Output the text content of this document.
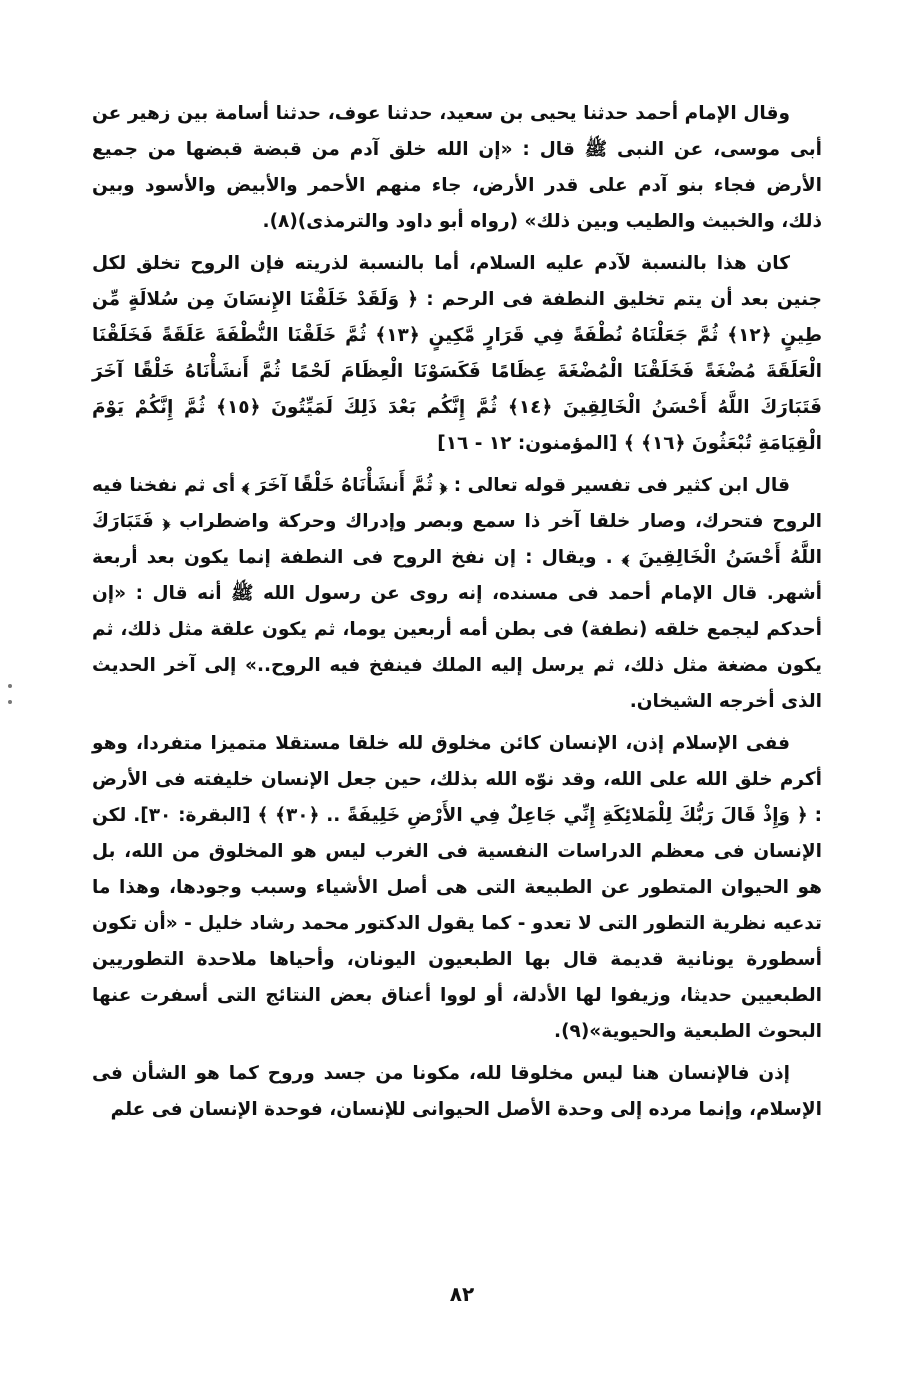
وقال الإمام أحمد حدثنا يحيى بن سعيد، حدثنا عوف، حدثنا أسامة بين زهير عن أبى موسى، عن النبى ﷺ قال : «إن الله خلق آدم من قبضة قبضها من جميع الأرض فجاء بنو آدم على قدر الأرض، جاء منهم الأحمر والأبيض والأسود وبين ذلك، والخبيث والطيب وبين ذلك» (رواه أبو داود والترمذى)(٨).

كان هذا بالنسبة لآدم عليه السلام، أما بالنسبة لذريته فإن الروح تخلق لكل جنين بعد أن يتم تخليق النطفة فى الرحم : ﴿ وَلَقَدْ خَلَقْنَا الإِنسَانَ مِن سُلالَةٍ مِّن طِينٍ ﴿١٢﴾ ثُمَّ جَعَلْنَاهُ نُطْفَةً فِي قَرَارٍ مَّكِينٍ ﴿١٣﴾ ثُمَّ خَلَقْنَا النُّطْفَةَ عَلَقَةً فَخَلَقْنَا الْعَلَقَةَ مُضْغَةً فَخَلَقْنَا الْمُضْغَةَ عِظَامًا فَكَسَوْنَا الْعِظَامَ لَحْمًا ثُمَّ أَنشَأْنَاهُ خَلْقًا آخَرَ فَتَبَارَكَ اللَّهُ أَحْسَنُ الْخَالِقِينَ ﴿١٤﴾ ثُمَّ إِنَّكُم بَعْدَ ذَلِكَ لَمَيِّتُونَ ﴿١٥﴾ ثُمَّ إِنَّكُمْ يَوْمَ الْقِيَامَةِ تُبْعَثُونَ ﴿١٦﴾ ﴾ [المؤمنون: ١٢ - ١٦]

قال ابن كثير فى تفسير قوله تعالى : ﴿ ثُمَّ أَنشَأْنَاهُ خَلْقًا آخَرَ ﴾ أى ثم نفخنا فيه الروح فتحرك، وصار خلقا آخر ذا سمع وبصر وإدراك وحركة واضطراب ﴿ فَتَبَارَكَ اللَّهُ أَحْسَنُ الْخَالِقِينَ ﴾ . ويقال : إن نفخ الروح فى النطفة إنما يكون بعد أربعة أشهر. قال الإمام أحمد فى مسنده، إنه روى عن رسول الله ﷺ أنه قال : «إن أحدكم ليجمع خلقه (نطفة) فى بطن أمه أربعين يوما، ثم يكون علقة مثل ذلك، ثم يكون مضغة مثل ذلك، ثم يرسل إليه الملك فينفخ فيه الروح..» إلى آخر الحديث الذى أخرجه الشيخان.

ففى الإسلام إذن، الإنسان كائن مخلوق لله خلقا مستقلا متميزا متفردا، وهو أكرم خلق الله على الله، وقد نوّه الله بذلك، حين جعل الإنسان خليفته فى الأرض : ﴿ وَإِذْ قَالَ رَبُّكَ لِلْمَلائِكَةِ إِنِّي جَاعِلٌ فِي الأَرْضِ خَلِيفَةً .. ﴿٣٠﴾ ﴾ [البقرة: ٣٠]. لكن الإنسان فى معظم الدراسات النفسية فى الغرب ليس هو المخلوق من الله، بل هو الحيوان المتطور عن الطبيعة التى هى أصل الأشياء وسبب وجودها، وهذا ما تدعيه نظرية التطور التى لا تعدو - كما يقول الدكتور محمد رشاد خليل - «أن تكون أسطورة يونانية قديمة قال بها الطبعيون اليونان، وأحياها ملاحدة التطوريين الطبعيين حديثا، وزيفوا لها الأدلة، أو لووا أعناق بعض النتائج التى أسفرت عنها البحوث الطبعية والحيوية»(٩).

إذن فالإنسان هنا ليس مخلوقا لله، مكونا من جسد وروح كما هو الشأن فى الإسلام، وإنما مرده إلى وحدة الأصل الحيوانى للإنسان، فوحدة الإنسان فى علم

٨٢
